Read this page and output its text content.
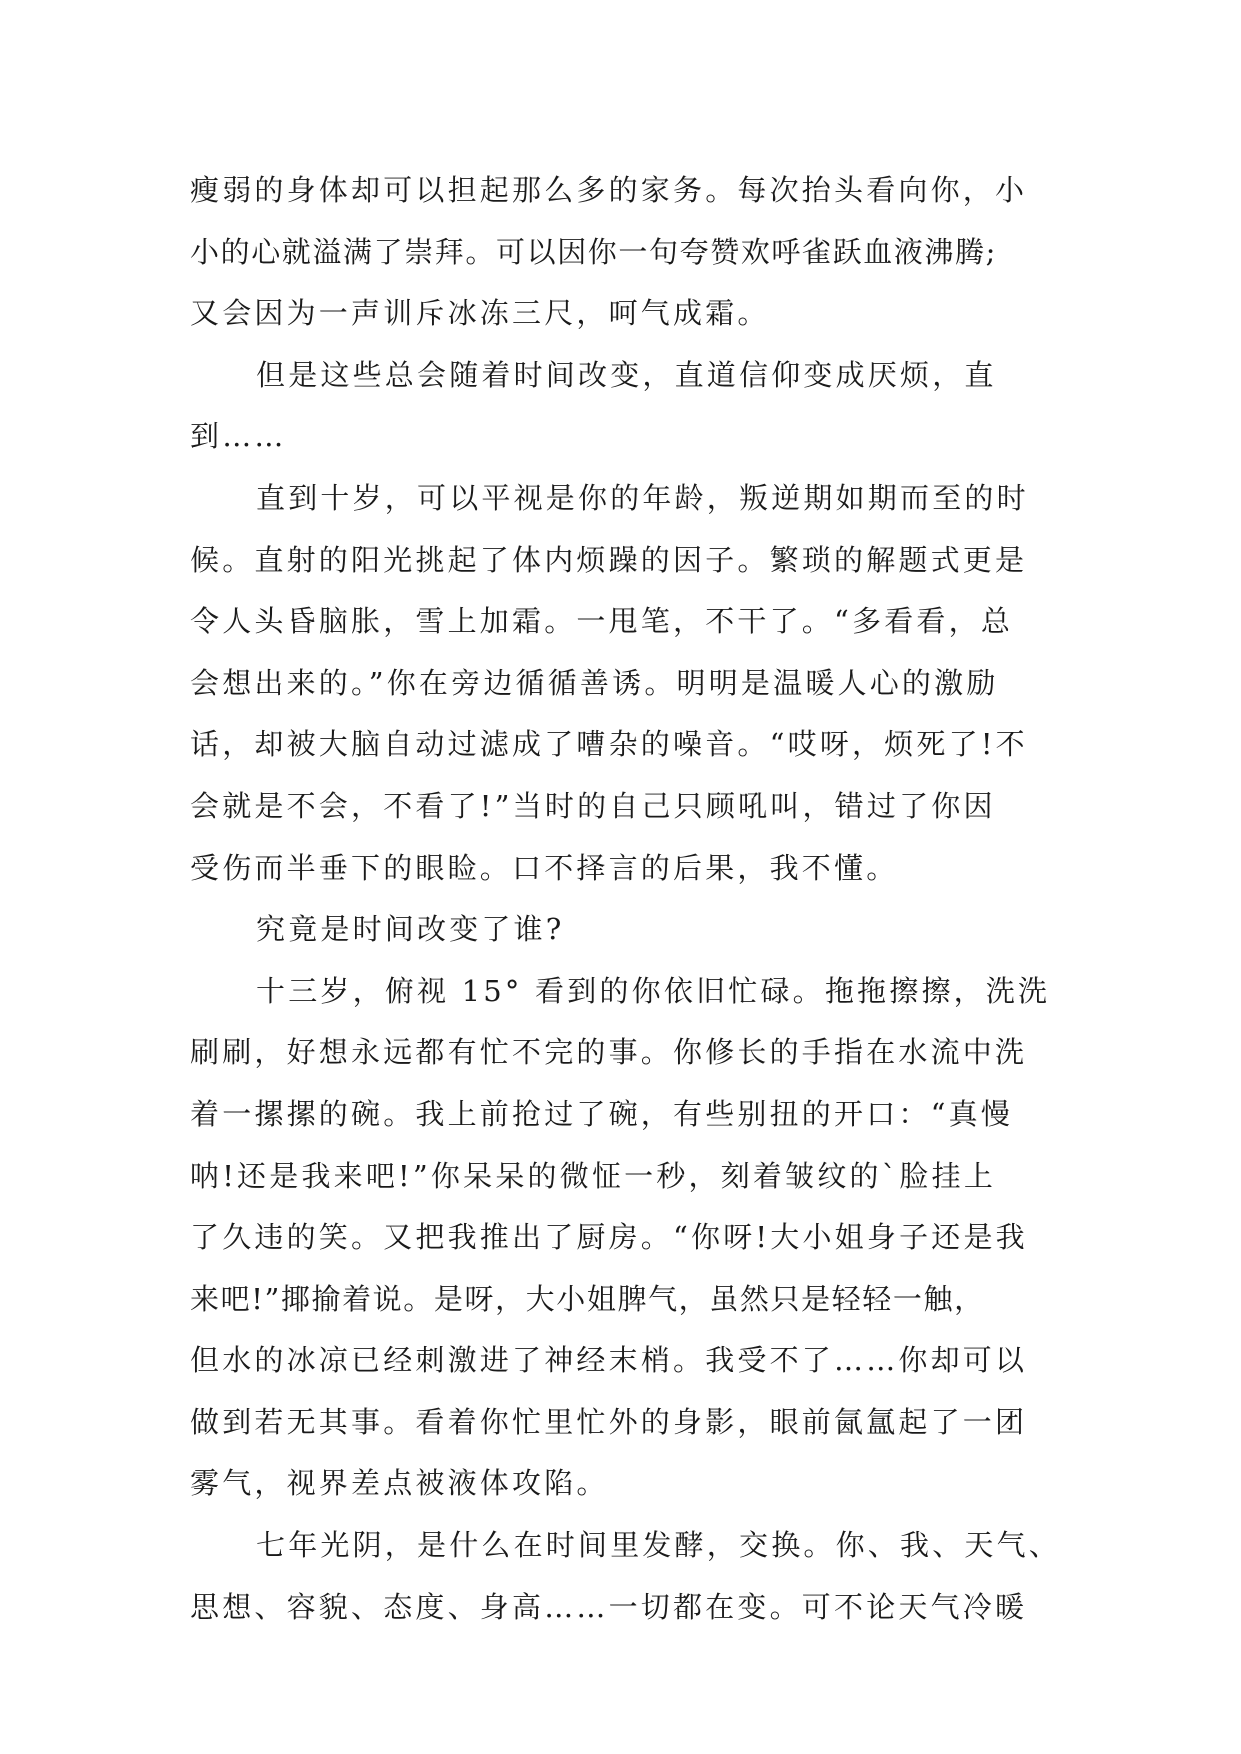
瘦弱的身体却可以担起那么多的家务。每次抬头看向你，小
小的心就溢满了崇拜。可以因你一句夸赞欢呼雀跃血液沸腾;
又会因为一声训斥冰冻三尺，呵气成霜。
但是这些总会随着时间改变，直道信仰变成厌烦，直
到……
直到十岁，可以平视是你的年龄，叛逆期如期而至的时
候。直射的阳光挑起了体内烦躁的因子。繁琐的解题式更是
令人头昏脑胀，雪上加霜。一甩笔，不干了。“多看看，总
会想出来的。”你在旁边循循善诱。明明是温暖人心的激励
话，却被大脑自动过滤成了嘈杂的噪音。“哎呀，烦死了!不
会就是不会，不看了!”当时的自己只顾吼叫，错过了你因
受伤而半垂下的眼睑。口不择言的后果，我不懂。
究竟是时间改变了谁?
十三岁，俯视 15° 看到的你依旧忙碌。拖拖擦擦，洗洗
刷刷，好想永远都有忙不完的事。你修长的手指在水流中洗
着一摞摞的碗。我上前抢过了碗，有些别扭的开口：“真慢
呐!还是我来吧!”你呆呆的微怔一秒，刻着皱纹的`脸挂上
了久违的笑。又把我推出了厨房。“你呀!大小姐身子还是我
来吧!”揶揄着说。是呀，大小姐脾气，虽然只是轻轻一触，
但水的冰凉已经刺激进了神经末梢。我受不了……你却可以
做到若无其事。看着你忙里忙外的身影，眼前氤氲起了一团
雾气，视界差点被液体攻陷。
七年光阴，是什么在时间里发酵，交换。你、我、天气、
思想、容貌、态度、身高……一切都在变。可不论天气冷暖
